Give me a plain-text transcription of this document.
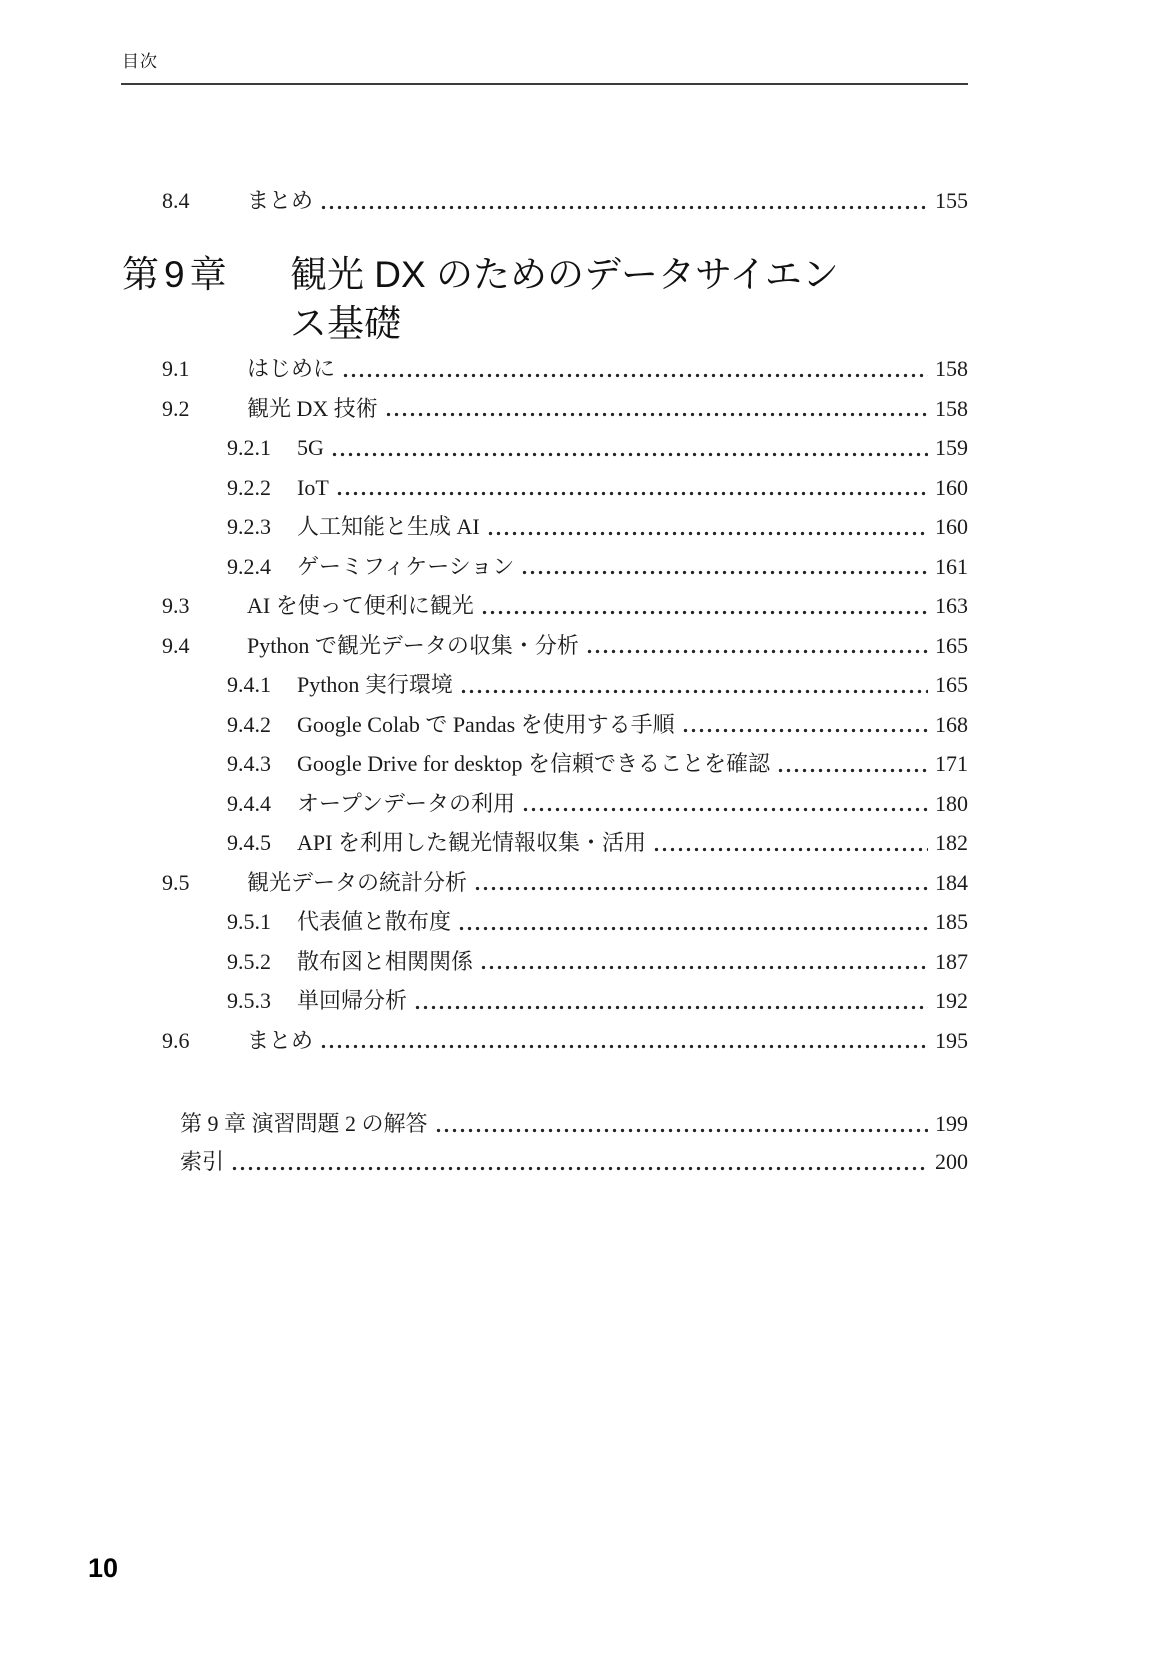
目次
8.4	まとめ	155
第9章	観光 DX のためのデータサイエン
ス基礎
9.1	はじめに	158
9.2	観光 DX 技術	158
9.2.1	5G	159
9.2.2	IoT	160
9.2.3	人工知能と生成 AI	160
9.2.4	ゲーミフィケーション	161
9.3	AI を使って便利に観光	163
9.4	Python で観光データの収集・分析	165
9.4.1	Python 実行環境	165
9.4.2	Google Colab で Pandas を使用する手順	168
9.4.3	Google Drive for desktop を信頼できることを確認	171
9.4.4	オープンデータの利用	180
9.4.5	API を利用した観光情報収集・活用	182
9.5	観光データの統計分析	184
9.5.1	代表値と散布度	185
9.5.2	散布図と相関関係	187
9.5.3	単回帰分析	192
9.6	まとめ	195
第 9 章 演習問題 2 の解答	199
索引	200
10
